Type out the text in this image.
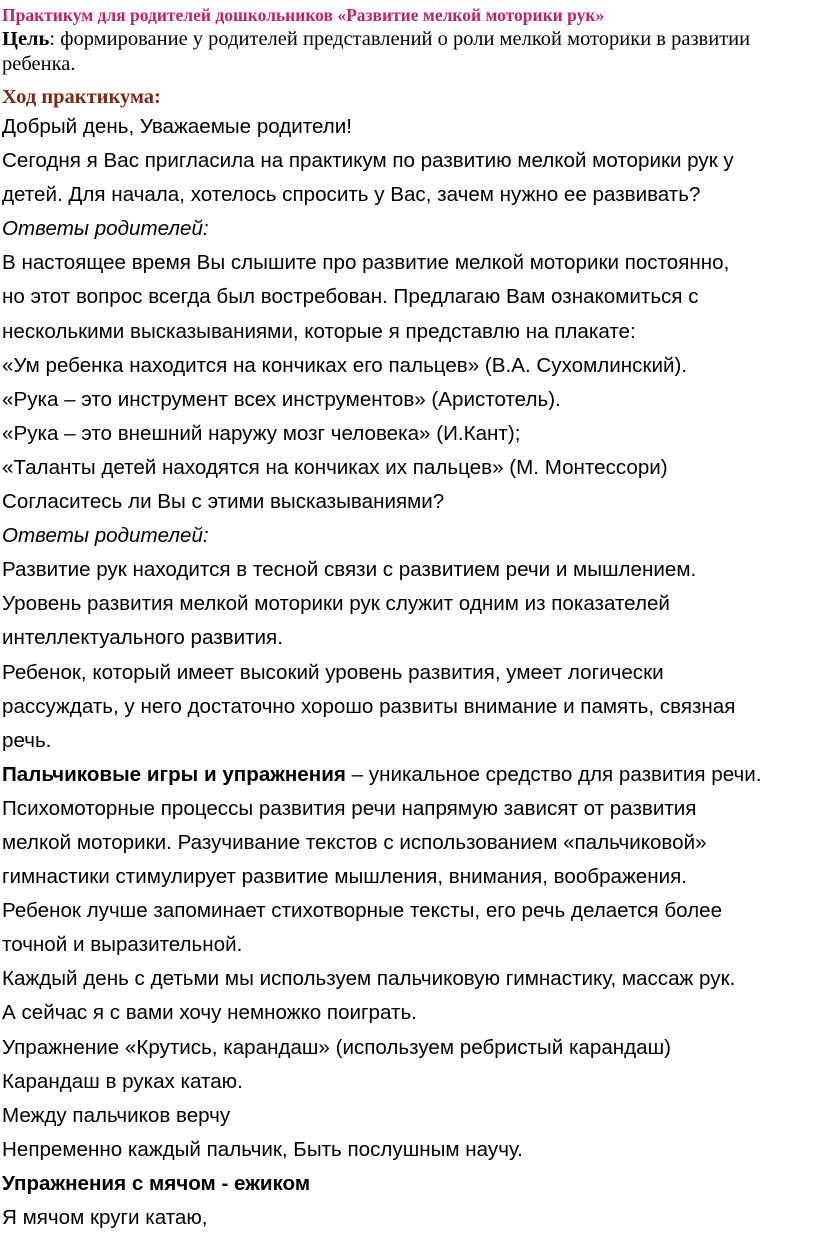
Практикум для родителей дошкольников «Развитие мелкой моторики рук»
Цель: формирование у родителей представлений о роли мелкой моторики в развитии ребенка.
Ход практикума:
Добрый день, Уважаемые родители!
Сегодня я Вас пригласила на практикум по развитию мелкой моторики рук у
детей. Для начала, хотелось спросить у Вас, зачем нужно ее развивать?
Ответы родителей:
В настоящее время Вы слышите про развитие мелкой моторики постоянно,
но этот вопрос всегда был востребован. Предлагаю Вам ознакомиться с
несколькими высказываниями, которые я представлю на плакате:
«Ум ребенка находится на кончиках его пальцев» (В.А. Сухомлинский).
«Рука – это инструмент всех инструментов» (Аристотель).
«Рука – это внешний наружу мозг человека» (И.Кант);
«Таланты детей находятся на кончиках их пальцев» (М. Монтессори)
Согласитесь ли Вы с этими высказываниями?
Ответы родителей:
Развитие рук находится в тесной связи с развитием речи и мышлением.
Уровень развития мелкой моторики рук служит одним из показателей
интеллектуального развития.
Ребенок, который имеет высокий уровень развития, умеет логически
рассуждать, у него достаточно хорошо развиты внимание и память, связная
речь.
Пальчиковые игры и упражнения – уникальное средство для развития речи.
Психомоторные процессы развития речи напрямую зависят от развития
мелкой моторики. Разучивание текстов с использованием «пальчиковой»
гимнастики стимулирует развитие мышления, внимания, воображения.
Ребенок лучше запоминает стихотворные тексты, его речь делается более
точной и выразительной.
Каждый день с детьми мы используем пальчиковую гимнастику, массаж рук.
А сейчас я с вами хочу немножко поиграть.
Упражнение «Крутись, карандаш» (используем ребристый карандаш)
Карандаш в руках катаю.
Между пальчиков верчу
Непременно каждый пальчик, Быть послушным научу.
Упражнения с мячом - ежиком
Я мячом круги катаю,
